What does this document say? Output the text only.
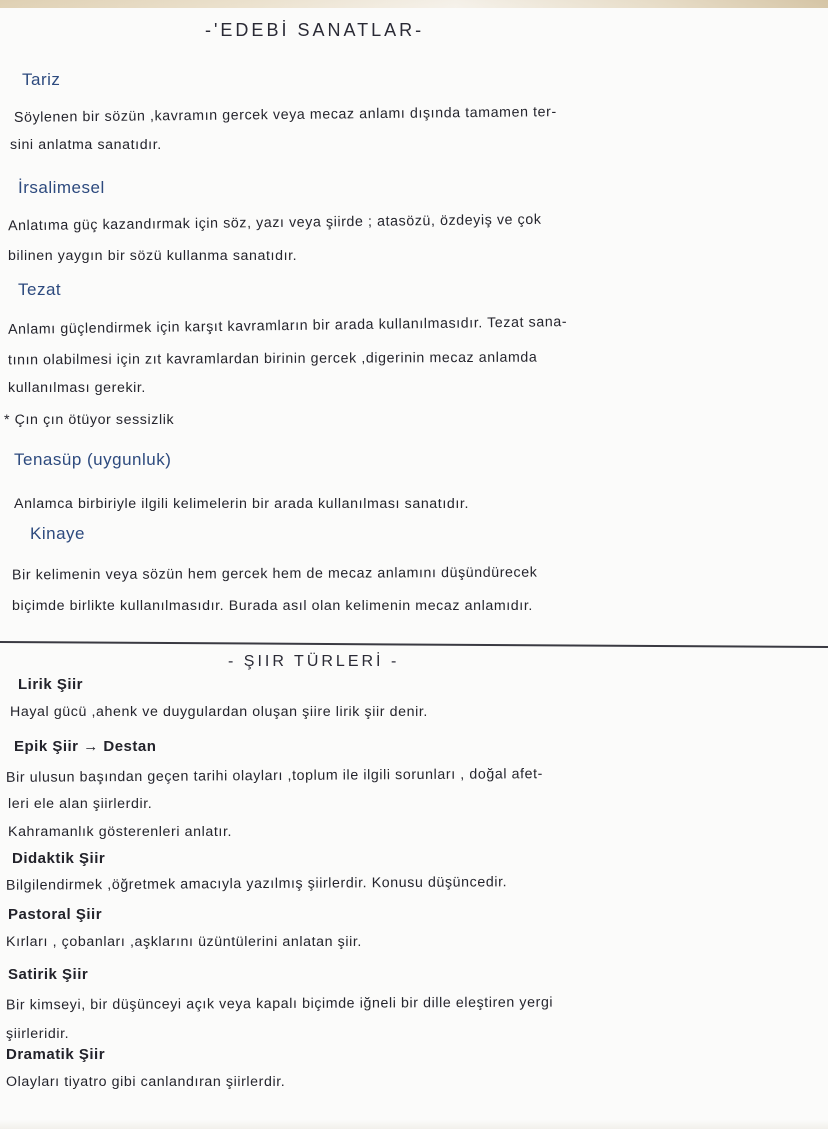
-'EDEBİ SANATLAR-
Tariz
Söylenen bir sözün ,kavramın gercek veya mecaz anlamı dışında tamamen ter-
sini anlatma sanatıdır.
İrsalimesel
Anlatıma güç kazandırmak için söz, yazı veya şiirde ; atasözü, özdeyiş ve çok
bilinen yaygın bir sözü kullanma sanatıdır.
Tezat
Anlamı güçlendirmek için karşıt kavramların bir arada kullanılmasıdır. Tezat sana-
tının olabilmesi için zıt kavramlardan birinin gercek ,digerinin mecaz anlamda
kullanılması gerekir.
* Çın çın ötüyor sessizlik
Tenasüp (uygunluk)
Anlamca birbiriyle ilgili kelimelerin bir arada kullanılması sanatıdır.
Kinaye
Bir kelimenin veya sözün hem gercek hem de mecaz anlamını düşündürecek
biçimde birlikte kullanılmasıdır. Burada asıl olan kelimenin mecaz anlamıdır.
- ŞIIR TÜRLERİ -
Lirik Şiir
Hayal gücü ,ahenk ve duygulardan oluşan şiire lirik şiir denir.
Epik Şiir → Destan
Bir ulusun başından geçen tarihi olayları ,toplum ile ilgili sorunları , doğal afet-
leri ele alan şiirlerdir.
Kahramanlık gösterenleri anlatır.
Didaktik Şiir
Bilgilendirmek ,öğretmek amacıyla yazılmış şiirlerdir. Konusu düşüncedir.
Pastoral Şiir
Kırları , çobanları ,aşklarını üzüntülerini anlatan şiir.
Satirik Şiir
Bir kimseyi, bir düşünceyi açık veya kapalı biçimde iğneli bir dille eleştiren yergi
şiirleridir.
Dramatik Şiir
Olayları tiyatro gibi canlandıran şiirlerdir.
